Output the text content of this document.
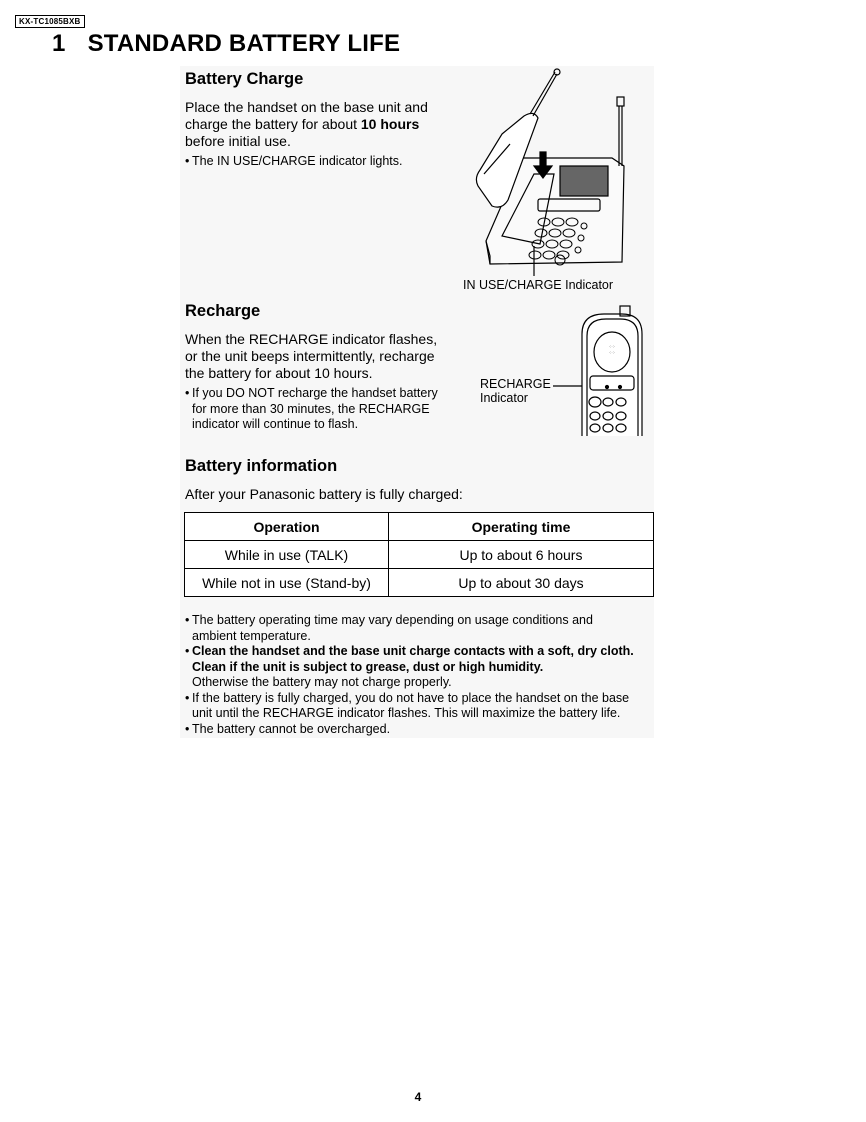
KX-TC1085BXB
1 STANDARD BATTERY LIFE
Battery Charge

Place the handset on the base unit and
charge the battery for about 10 hours
before initial use.

• The IN USE/CHARGE indicator lights.

IN USE/CHARGE Indicator
Recharge

When the RECHARGE indicator flashes,
or the unit beeps intermittently, recharge
the battery for about 10 hours.

• If you DO NOT recharge the handset battery
for more than 30 minutes, the RECHARGE
indicator will continue to flash.

RECHARGE
Indicator
·:·:·
·:·:·
Battery information

After your Panasonic battery is fully charged:

Operation	Operating time
While in use (TALK)	Up to about 6 hours
While not in use (Stand-by)	Up to about 30 days

• The battery operating time may vary depending on usage conditions and
ambient temperature.

• Clean the handset and the base unit charge contacts with a soft, dry cloth.
Clean if the unit is subject to grease, dust or high humidity.
Otherwise the battery may not charge properly.

• If the battery is fully charged, you do not have to place the handset on the base
unit until the RECHARGE indicator flashes. This will maximize the battery life.

• The battery cannot be overcharged.

4
